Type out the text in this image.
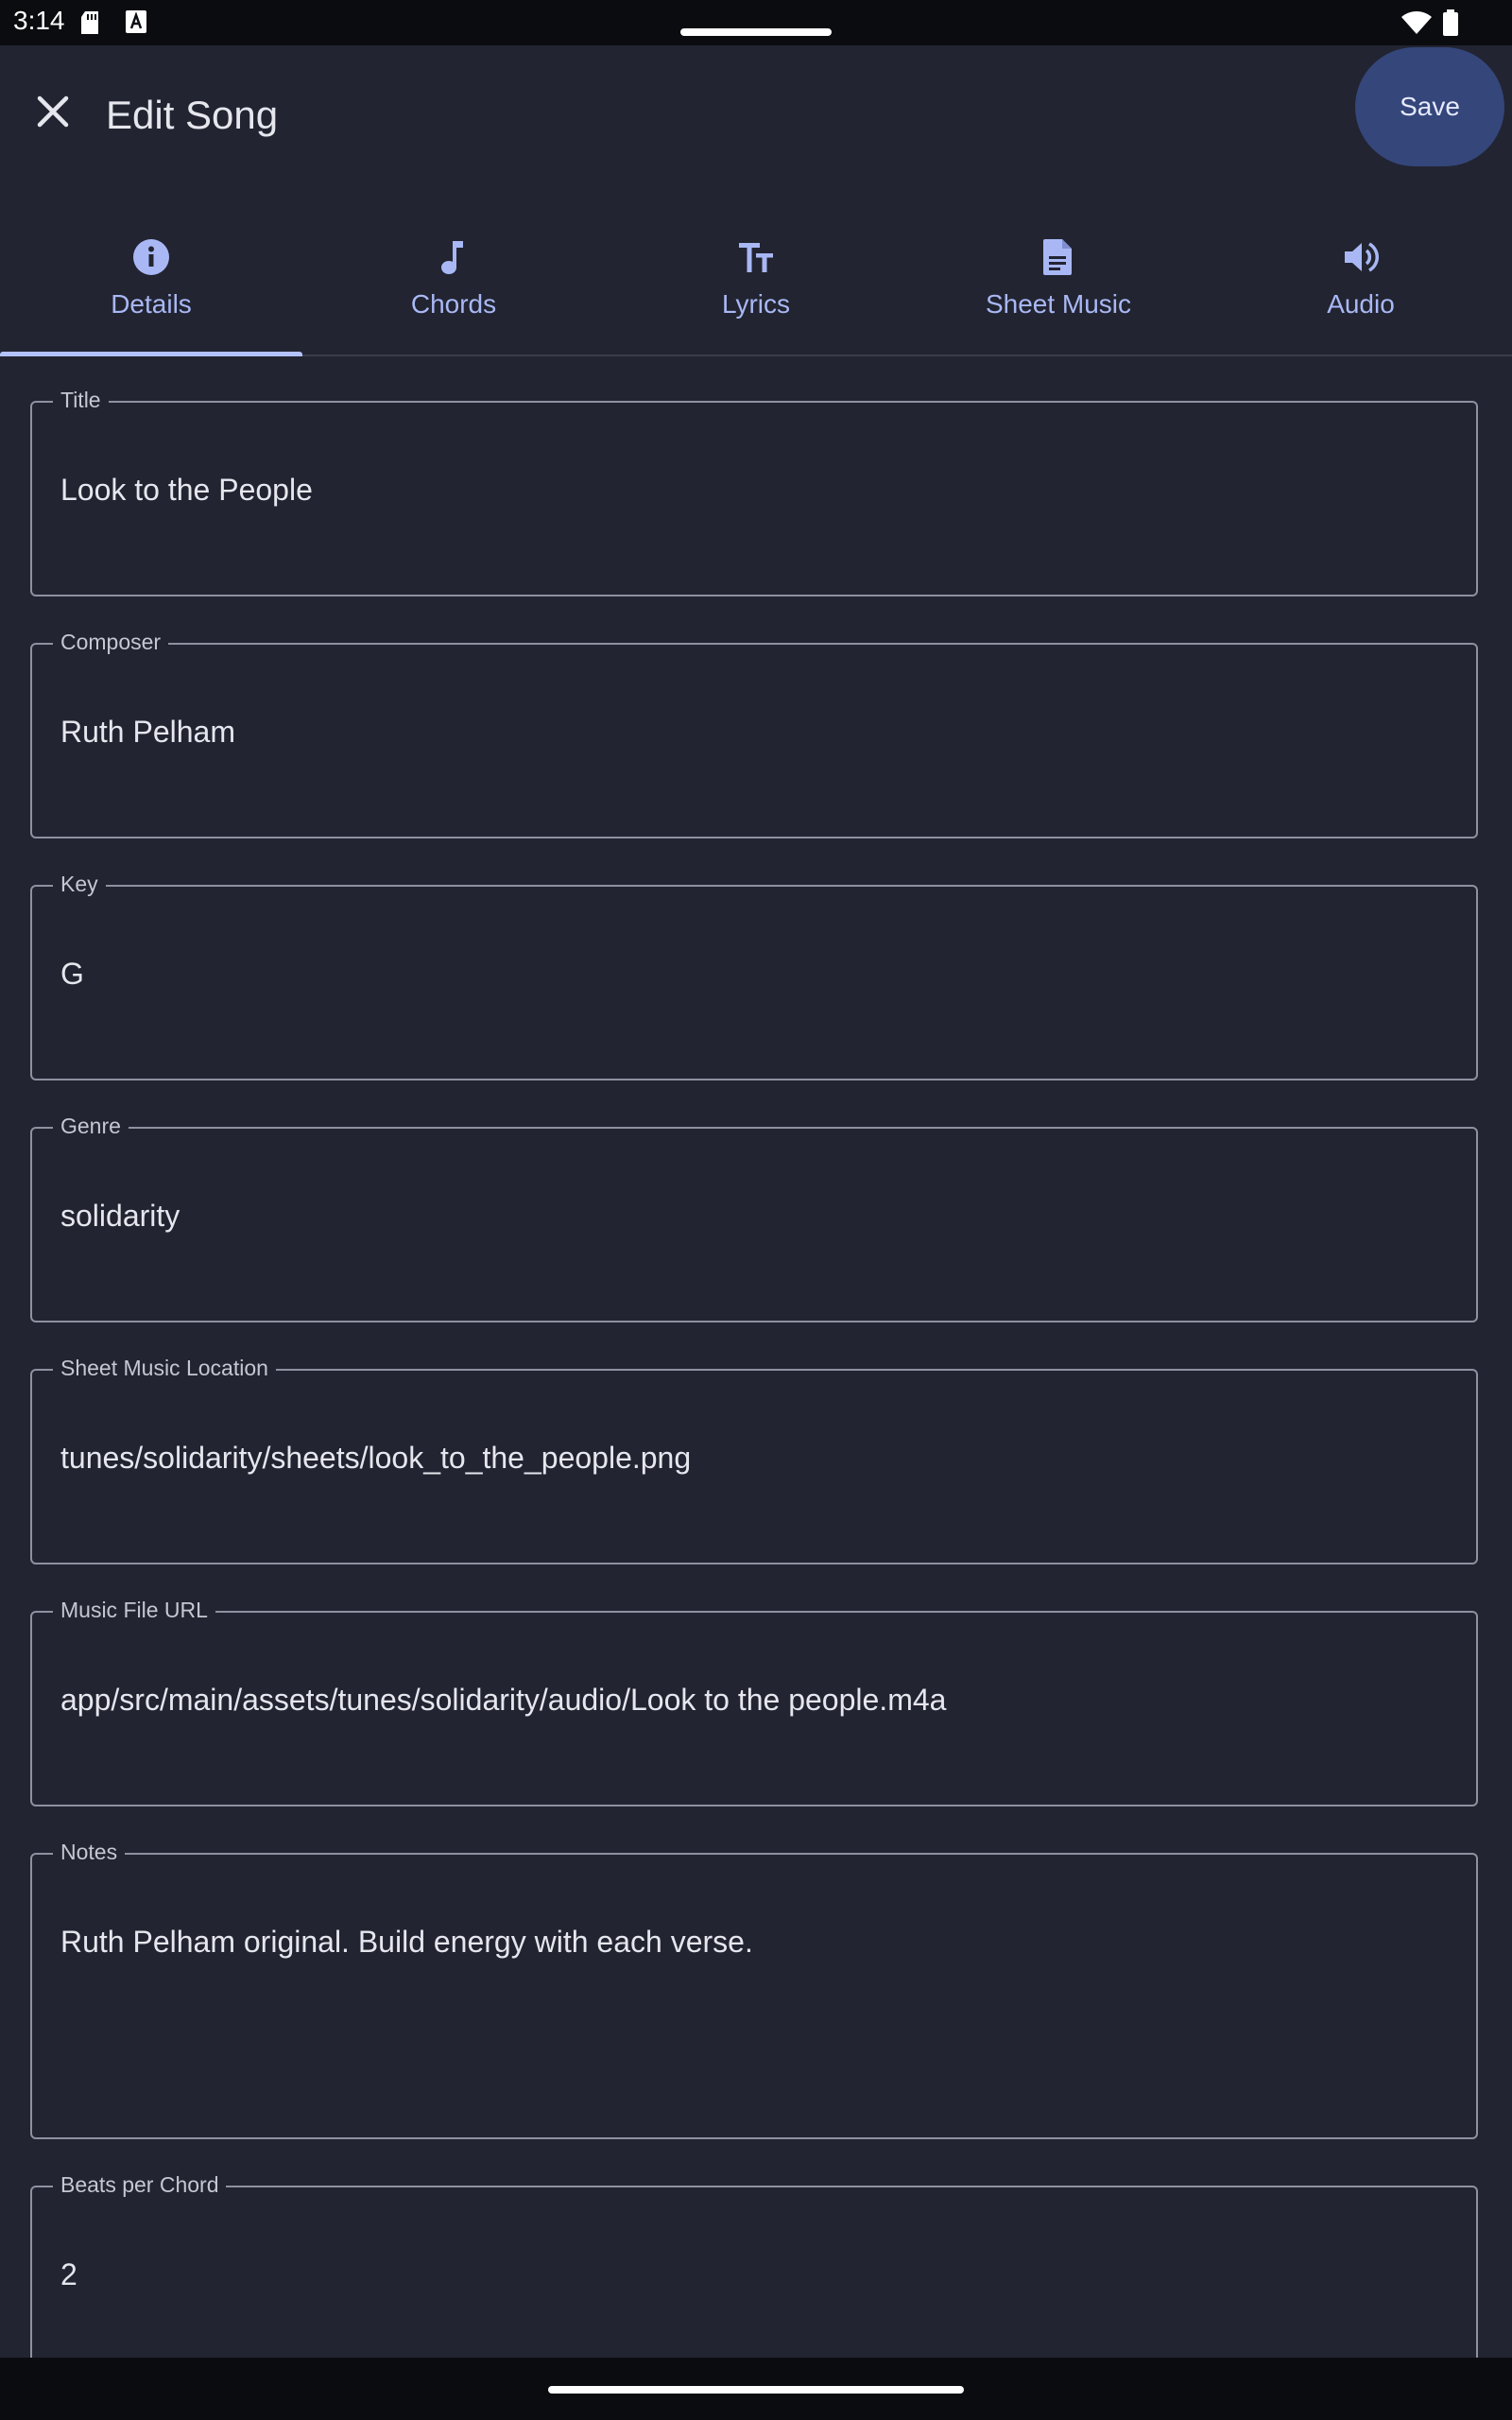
3:14
Edit Song	Save
Details	Chords	Lyrics	Sheet Music	Audio
Title
Look to the People
Composer
Ruth Pelham
Key
G
Genre
solidarity
Sheet Music Location
tunes/solidarity/sheets/look_to_the_people.png
Music File URL
app/src/main/assets/tunes/solidarity/audio/Look to the people.m4a
Notes
Ruth Pelham original. Build energy with each verse.
Beats per Chord
2
